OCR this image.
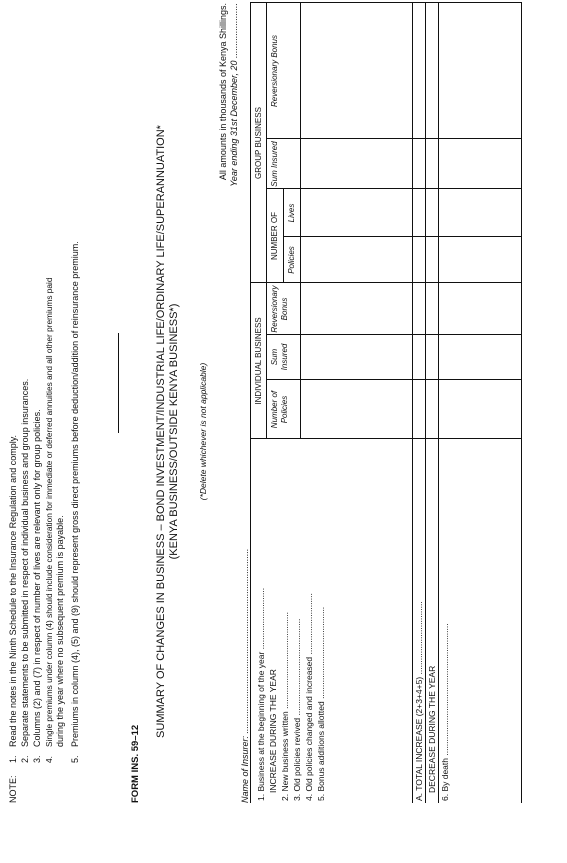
NOTE:
1.Read the notes in the Ninth Schedule to the Insurance Regulation and comply.
2.Separate statements to be submitted in respect of individual business and group insurances.
3.Columns (2) and (7) in respect of number of lives are relevant only for group policies.
4.Single premiums under column (4) should include consideration for immediate or deferred annuities and all other premiums paid during the year where no subsequent premium is payable.
5.Premiums in column (4), (5) and (9) should represent gross direct premiums before deduction/addition of reinsurance premium.
FORM INS. 59–12
SUMMARY OF CHANGES IN BUSINESS – BOND INVESTMENT/INDUSTRIAL LIFE/ORDINARY LIFE/SUPERANNUATION* (KENYA BUSINESS/OUTSIDE KENYA BUSINESS*) (*Delete whichever is not applicable)
Name of Insurer: ..........................................................................
All amounts in thousands of Kenya Shillings. Year ending 31st December, 20 ......................
INDIVIDUAL BUSINESS
GROUP BUSINESS
NUMBER OF
Number of Policies
Sum Insured
Reversionary Bonus
Policies
Lives
Sum Insured
Reversionary Bonus
1. Business at the beginning of the year .......................... INCREASE DURING THE YEAR 2. New business written ......................................... 3. Old policies revived ......................................... 4. Old policies changed and increased .......................... 5. Bonus additions allotted .......................................	A. TOTAL INCREASE (2+3+4+5) ............................... DECREASE DURING THE YEAR 6. By death ........................................................
